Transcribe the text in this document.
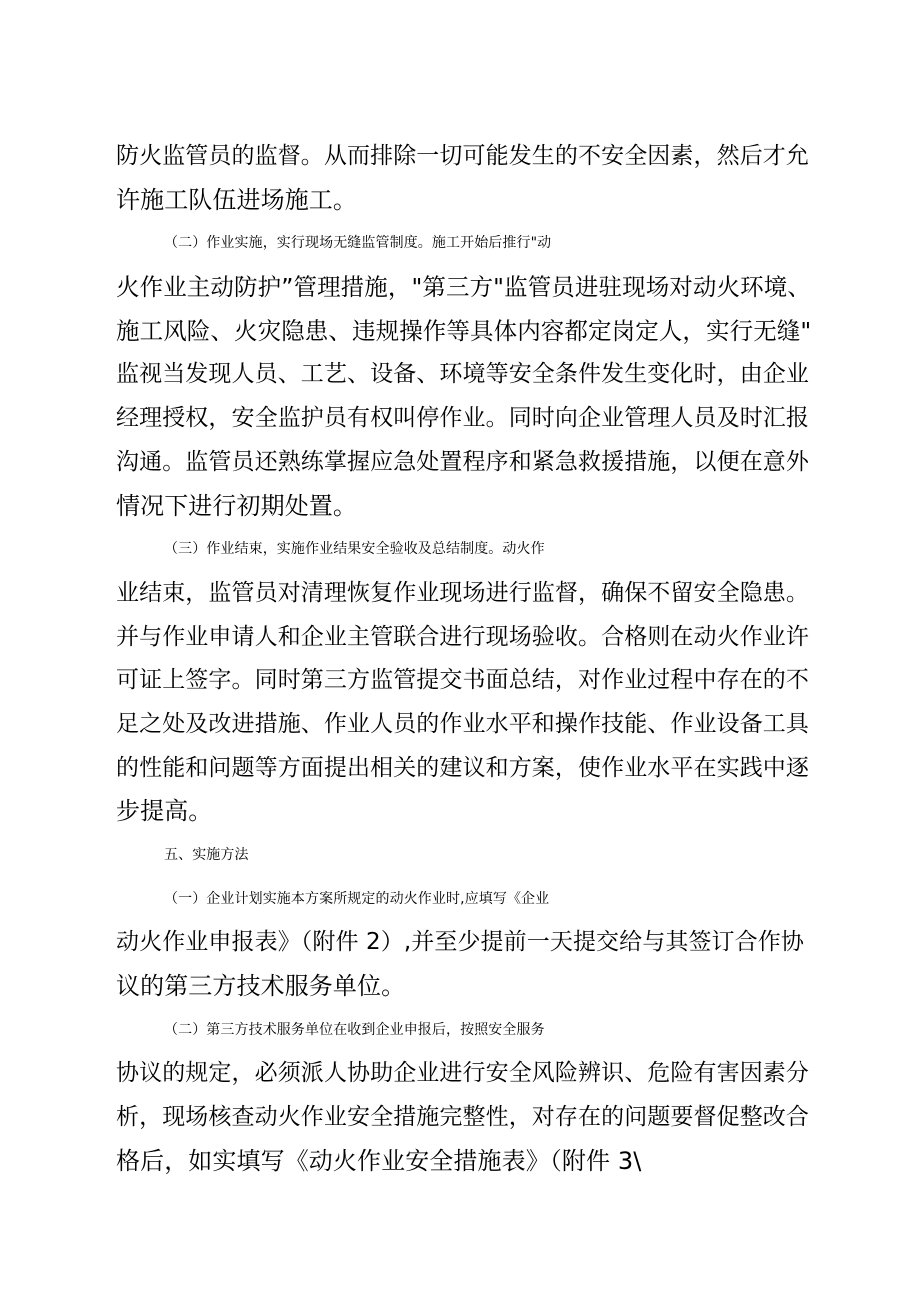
防火监管员的监督。从而排除一切可能发生的不安全因素，然后才允
许施工队伍进场施工。
（二）作业实施，实行现场无缝监管制度。施工开始后推行"动
火作业主动防护”管理措施，"第三方"监管员进驻现场对动火环境、
施工风险、火灾隐患、违规操作等具体内容都定岗定人，实行无缝"
监视当发现人员、工艺、设备、环境等安全条件发生变化时，由企业
经理授权，安全监护员有权叫停作业。同时向企业管理人员及时汇报
沟通。监管员还熟练掌握应急处置程序和紧急救援措施，以便在意外
情况下进行初期处置。
（三）作业结束，实施作业结果安全验收及总结制度。动火作
业结束，监管员对清理恢复作业现场进行监督，确保不留安全隐患。
并与作业申请人和企业主管联合进行现场验收。合格则在动火作业许
可证上签字。同时第三方监管提交书面总结，对作业过程中存在的不
足之处及改进措施、作业人员的作业水平和操作技能、作业设备工具
的性能和问题等方面提出相关的建议和方案，使作业水平在实践中逐
步提高。
五、实施方法
（一）企业计划实施本方案所规定的动火作业时,应填写《企业
动火作业申报表》（附件 2）,并至少提前一天提交给与其签订合作协
议的第三方技术服务单位。
（二）第三方技术服务单位在收到企业申报后，按照安全服务
协议的规定，必须派人协助企业进行安全风险辨识、危险有害因素分
析，现场核查动火作业安全措施完整性，对存在的问题要督促整改合
格后，如实填写《动火作业安全措施表》（附件 3\
